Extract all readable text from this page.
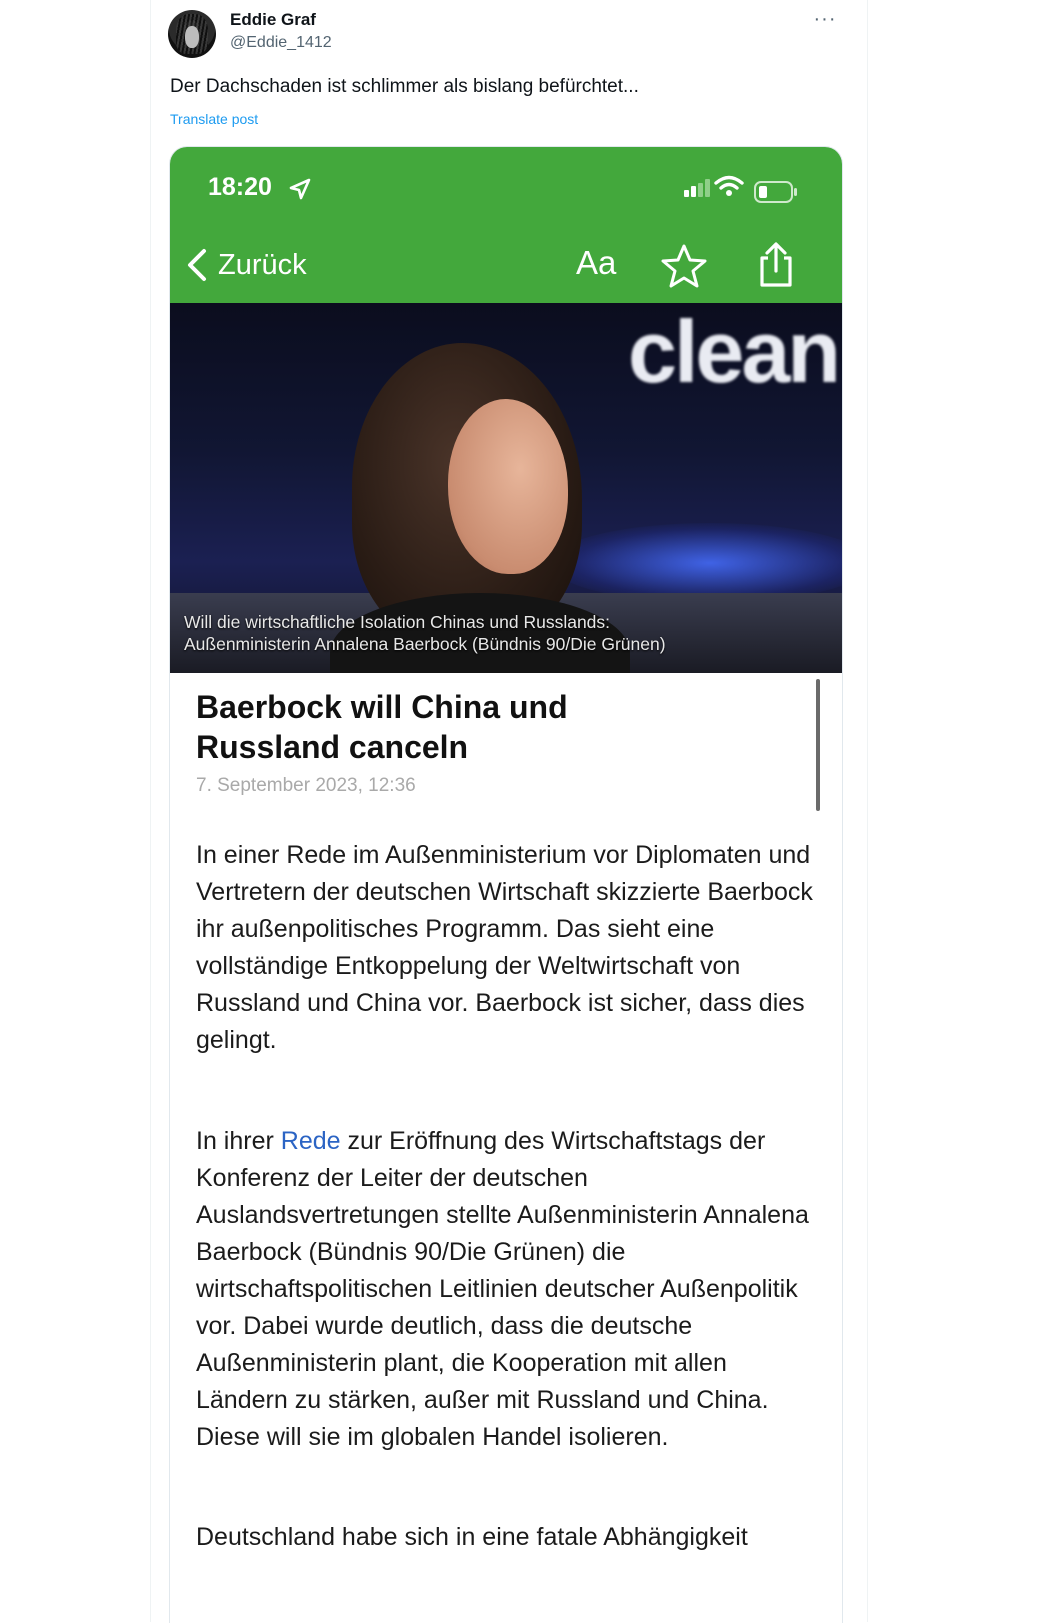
Eddie Graf
@Eddie_1412
···
Der Dachschaden ist schlimmer als bislang befürchtet...
Translate post
18:20
Zurück	Aa
clean
Will die wirtschaftliche Isolation Chinas und Russlands:
Außenministerin Annalena Baerbock (Bündnis 90/Die Grünen)
Baerbock will China und
Russland canceln
7. September 2023, 12:36

In einer Rede im Außenministerium vor Diplomaten und Vertretern der deutschen Wirtschaft skizzierte Baerbock ihr außenpolitisches Programm. Das sieht eine vollständige Entkoppelung der Weltwirtschaft von Russland und China vor. Baerbock ist sicher, dass dies gelingt.

In ihrer Rede zur Eröffnung des Wirtschaftstags der Konferenz der Leiter der deutschen Auslandsvertretungen stellte Außenministerin Annalena Baerbock (Bündnis 90/Die Grünen) die wirtschaftspolitischen Leitlinien deutscher Außenpolitik vor. Dabei wurde deutlich, dass die deutsche Außenministerin plant, die Kooperation mit allen Ländern zu stärken, außer mit Russland und China. Diese will sie im globalen Handel isolieren.

Deutschland habe sich in eine fatale Abhängigkeit
